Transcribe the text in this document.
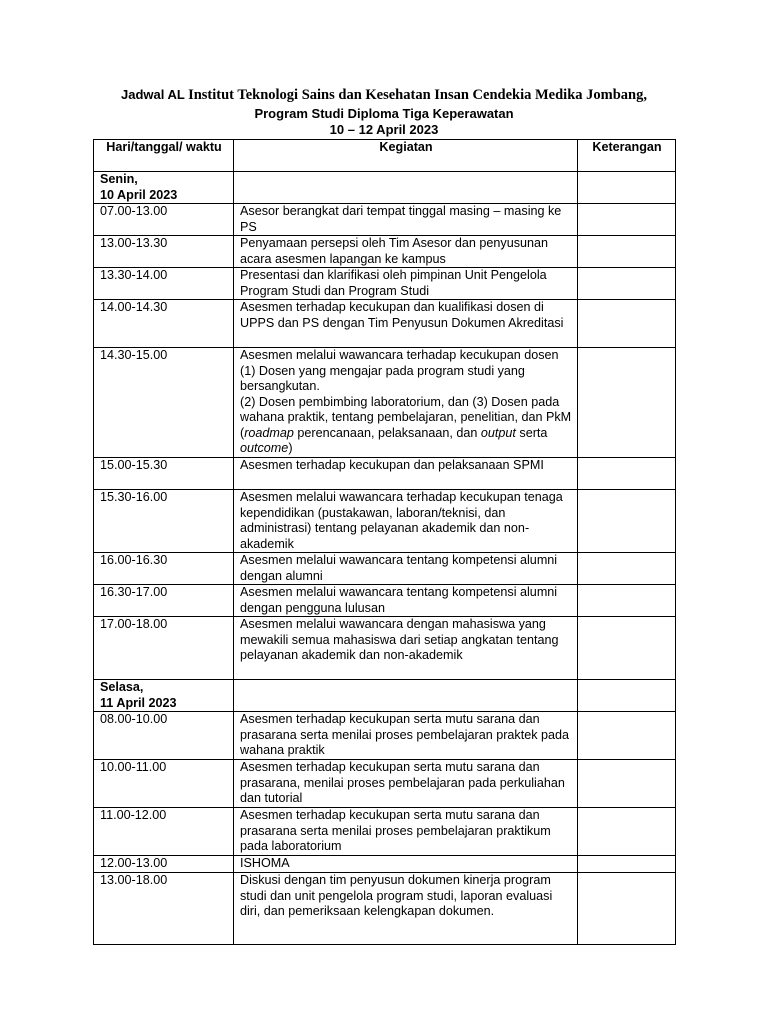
Jadwal AL Institut Teknologi Sains dan Kesehatan Insan Cendekia Medika Jombang,
Program Studi Diploma Tiga Keperawatan
10 – 12 April 2023
Hari/tanggal/ waktu	Kegiatan	Keterangan
Senin,
10 April 2023		
07.00-13.00	Asesor berangkat dari tempat tinggal masing – masing ke PS	
13.00-13.30	Penyamaan persepsi oleh Tim Asesor dan penyusunan acara asesmen lapangan ke kampus	
13.30-14.00	Presentasi dan klarifikasi oleh pimpinan Unit Pengelola Program Studi dan Program Studi	
14.00-14.30	Asesmen terhadap kecukupan dan kualifikasi dosen di UPPS dan PS dengan Tim Penyusun Dokumen Akreditasi	
14.30-15.00	Asesmen melalui wawancara terhadap kecukupan dosen (1) Dosen yang mengajar pada program studi yang bersangkutan.
(2) Dosen pembimbing laboratorium, dan (3) Dosen pada wahana praktik, tentang pembelajaran, penelitian, dan PkM (roadmap perencanaan, pelaksanaan, dan output serta outcome)	
15.00-15.30	Asesmen terhadap kecukupan dan pelaksanaan SPMI	
15.30-16.00	Asesmen melalui wawancara terhadap kecukupan tenaga kependidikan (pustakawan, laboran/teknisi, dan administrasi) tentang pelayanan akademik dan non-akademik	
16.00-16.30	Asesmen melalui wawancara tentang kompetensi alumni dengan alumni	
16.30-17.00	Asesmen melalui wawancara tentang kompetensi alumni dengan pengguna lulusan	
17.00-18.00	Asesmen melalui wawancara dengan mahasiswa yang mewakili semua mahasiswa dari setiap angkatan tentang pelayanan akademik dan non-akademik	
Selasa,
11 April 2023		
08.00-10.00	Asesmen terhadap kecukupan serta mutu sarana dan prasarana serta menilai proses pembelajaran praktek pada wahana praktik	
10.00-11.00	Asesmen terhadap kecukupan serta mutu sarana dan prasarana, menilai proses pembelajaran pada perkuliahan dan tutorial	
11.00-12.00	Asesmen terhadap kecukupan serta mutu sarana dan prasarana serta menilai proses pembelajaran praktikum pada laboratorium	
12.00-13.00	ISHOMA	
13.00-18.00	Diskusi dengan tim penyusun dokumen kinerja program studi dan unit pengelola program studi, laporan evaluasi diri, dan pemeriksaan kelengkapan dokumen.	
